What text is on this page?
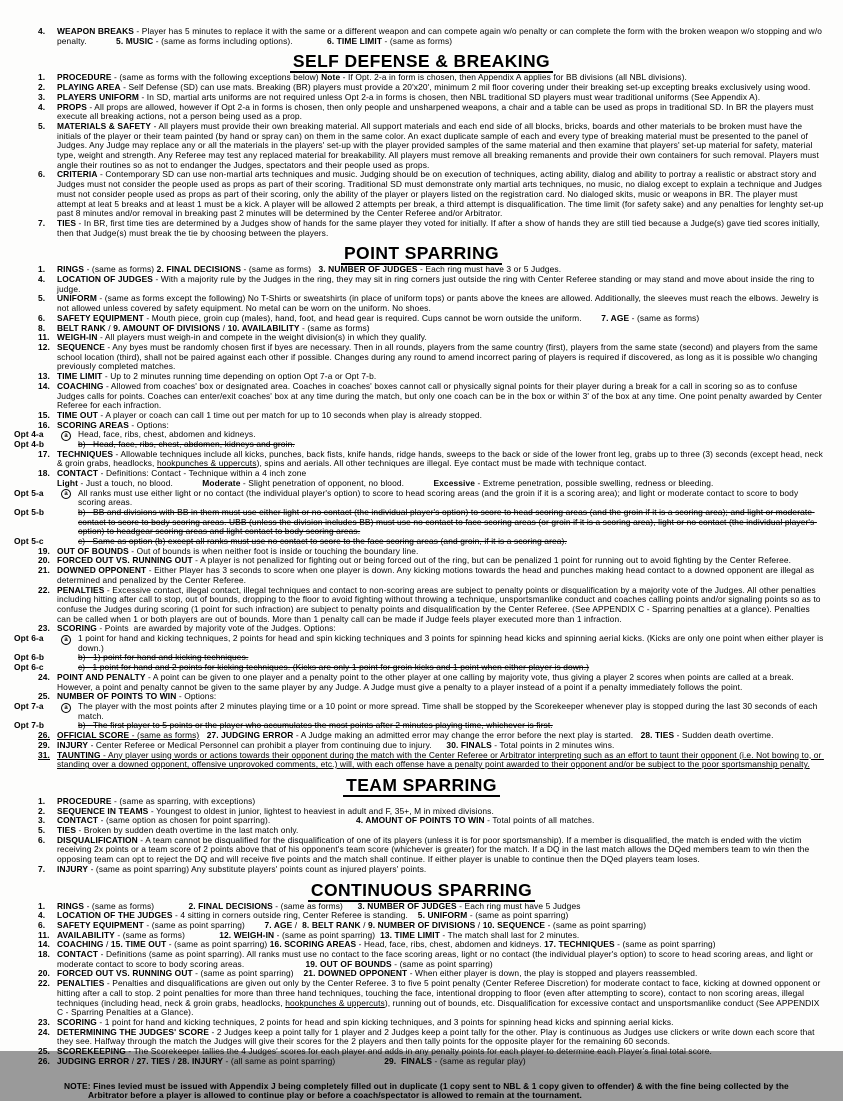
4. WEAPON BREAKS - Player has 5 minutes to replace it with the same or a different weapon and can compete again w/o penalty or can complete the form with the broken weapon w/o stopping and w/o penalty.            5. MUSIC - (same as forms including options).              6. TIME LIMIT - (same as forms)
SELF DEFENSE & BREAKING
1. PROCEDURE - (same as forms with the following exceptions below) Note - If Opt. 2-a in form is chosen, then Appendix A applies for BB divisions (all NBL divisions).
2. PLAYING AREA - Self Defense (SD) can use mats. Breaking (BR) players must provide a 20'x20', minimum 2 mil floor covering under their breaking set-up excepting breaks exclusively using wood.
3. PLAYERS UNIFORM - In SD, martial arts uniforms are not required unless Opt 2-a in forms is chosen, then NBL traditional SD players must wear traditional uniforms (See Appendix A).
4. PROPS - All props are allowed, however if Opt 2-a in forms is chosen, then only people and unsharpened weapons, a chair and a table can be used as props in traditional SD. In BR the players must execute all breaking actions, not a person being used as a prop.
5. MATERIALS & SAFETY - All players must provide their own breaking material. All support materials and each end side of all blocks, bricks, boards and other materials to be broken must have the initials of the player or their team painted (by hand or spray can) on them in the same color. An exact duplicate sample of each and every type of breaking material must be presented to the panel of Judges. Any Judge may replace any or all the materials in the players' set-up with the player provided samples of the same material and then examine that players' set-up material for safety, material type, weight and strength. Any Referee may test any replaced material for breakability. All players must remove all breaking remanents and provide their own containers for such removal. Players must angle their routines so as not to endanger the Judges, spectators and their people used as props.
6. CRITERIA - Contemporary SD can use non-martial arts techniques and music. Judging should be on execution of techniques, acting ability, dialog and ability to portray a realistic or abstract story and Judges must not consider the people used as props as part of their scoring. Traditional SD must demonstrate only martial arts techniques, no music, no dialog except to explain a technique and Judges must not consider people used as props as part of their scoring, only the ability of the player or players listed on the registration card. No dialoged skits, music or weapons in BR. The player must attempt at leat 5 breaks and at least 1 must be a kick. A player will be allowed 2 attempts per break, a third attempt is disqualification. The time limit (for safety sake) and any penalties for lenghty set-up past 8 minutes and/or removal in breaking past 2 minutes will be determined by the Center Referee and/or Arbitrator.
7. TIES - In BR, first time ties are determined by a Judges show of hands for the same player they voted for initially. If after a show of hands they are still tied because a Judge(s) gave tied scores initially, then that Judge(s) must break the tie by choosing between the players.
POINT SPARRING
1. RINGS - (same as forms) 2. FINAL DECISIONS - (same as forms)   3. NUMBER OF JUDGES - Each ring must have 3 or 5 Judges.
4. LOCATION OF JUDGES - With a majority rule by the Judges in the ring, they may sit in ring corners just outside the ring with Center Referee standing or may stand and move about inside the ring to judge.
5. UNIFORM - (same as forms except the following) No T-Shirts or sweatshirts (in place of uniform tops) or pants above the knees are allowed. Additionally, the sleeves must reach the elbows. Jewelry is not allowed unless covered by safety equipment. No metal can be worn on the uniform. No shoes.
6. SAFETY EQUIPMENT - Mouth piece, groin cup (males), hand, foot, and head gear is required. Cups cannot be worn outside the uniform.        7. AGE - (same as forms)
8. BELT RANK / 9. AMOUNT OF DIVISIONS / 10. AVAILABILITY - (same as forms)
11. WEIGH-IN - All players must weigh-in and compete in the weight division(s) in which they qualify.
12. SEQUENCE - Any byes must be randomly chosen first if byes are necessary. Then in all rounds, players from the same country (first), players from the same state (second) and players from the same school location (third), shall not be paired against each other if possible. Changes during any round to amend incorrect paring of players is required if discovered, as long as it is possible w/o changing previously completed matches.
13. TIME LIMIT - Up to 2 minutes running time depending on option Opt 7-a or Opt 7-b.
14. COACHING - Allowed from coaches' box or designated area. Coaches in coaches' boxes cannot call or physically signal points for their player during a break for a call in scoring so as to confuse Judges calls for points. Coaches can enter/exit coaches' box at any time during the match, but only one coach can be in the box or within 3' of the box at any time. One point penalty awarded by Center Referee for each infraction.
15. TIME OUT - A player or coach can call 1 time out per match for up to 10 seconds when play is already stopped.
16. SCORING AREAS - Options:
Opt 4-a	a	Head, face, ribs, chest, abdomen and kidneys.
Opt 4-b	b)   Head, face, ribs, chest, abdomen, kidneys and groin.
17. TECHNIQUES - Allowable techniques include all kicks, punches, back fists, knife hands, ridge hands, sweeps to the back or side of the lower front leg, grabs up to three (3) seconds (except head, neck & groin grabs, headlocks, hookpunches & uppercuts), spins and aerials. All other techniques are illegal. Eye contact must be made with technique contact.
18. CONTACT - Definitions: Contact - Technique within a 4 inch zone
Light - Just a touch, no blood.            Moderate - Slight penetration of opponent, no blood.            Excessive - Extreme penetration, possible swelling, redness or bleeding.
Opt 5-a	a	All ranks must use either light or no contact (the individual player's option) to score to head scoring areas (and the groin if it is a scoring area); and light or moderate contact to score to body scoring areas.
Opt 5-b	b)   BB and divisions with BB in them must use either light or no contact (the individual player's option) to score to head scoring areas (and the groin if it is a scoring area); and light or moderate contact to score to body scoring areas. UBB (unless the division includes BB) must use no contact to face scoring areas (or groin if it is a scoring area), light or no contact (the individual player's option) to headgear scoring areas and light contact to body scoring areas.
Opt 5-c	c)   Same as option (b) except all ranks must use no contact to score to the face scoring areas (and groin, if it is a scoring area).
19. OUT OF BOUNDS - Out of bounds is when neither foot is inside or touching the boundary line.
20. FORCED OUT VS. RUNNING OUT - A player is not penalized for fighting out or being forced out of the ring, but can be penalized 1 point for running out to avoid fighting by the Center Referee.
21. DOWNED OPPONENT - Either Player has 3 seconds to score when one player is down. Any kicking motions towards the head and punches making head contact to a downed opponent are illegal as determined and penalized by the Center Referee.
22. PENALTIES - Excessive contact, illegal contact, illegal techniques and contact to non-scoring areas are subject to penalty points or disqualification by a majority vote of the Judges. All other penalties including hitting after call to stop, out of bounds, dropping to the floor to avoid fighting without throwing a technique, unsportsmanlike conduct and coaches calling points and/or signaling points so as to confuse the Judges during scoring (1 point for such infraction) are subject to penalty points and disqualification by the Center Referee. (See APPENDIX C - Sparring penalties at a glance). Penalties can be called when 1 or both players are out of bounds. More than 1 penalty call can be made if Judge feels player executed more than 1 infraction.
23. SCORING - Points  are awarded by majority vote of the Judges. Options:
Opt 6-a	a	1 point for hand and kicking techniques, 2 points for head and spin kicking techniques and 3 points for spinning head kicks and spinning aerial kicks. (Kicks are only one point when either player is down.)
Opt 6-b	b)   1) point for hand and kicking techniques.
Opt 6-c	c)   1 point for hand and 2 points for kicking techniques. (Kicks are only 1 point for groin kicks and 1 point when either player is down.)
24. POINT AND PENALTY - A point can be given to one player and a penalty point to the other player at one calling by majority vote, thus giving a player 2 scores when points are called at a break. However, a point and penalty cannot be given to the same player by any Judge. A Judge must give a penalty to a player instead of a point if a penalty immediately follows the point.
25. NUMBER OF POINTS TO WIN - Options:
Opt 7-a	a	The player with the most points after 2 minutes playing time or a 10 point or more spread. Time shall be stopped by the Scorekeeper whenever play is stopped during the last 30 seconds of each match.
Opt 7-b	b)   The first player to 5 points or the player who accumulates the most points after 2 minutes playing time, whichever is first.
26. OFFICIAL SCORE - (same as forms) 27. JUDGING ERROR - A Judge making an admitted error may change the error before the next play is started.   28. TIES - Sudden death overtime.
29. INJURY - Center Referee or Medical Personnel can prohibit a player from continuing due to injury.      30. FINALS - Total points in 2 minutes wins.
31. TAUNTING - Any player using words or actions towards their opponent during the match with the Center Referee or Arbitrator interpreting such as an effort to taunt their opponent (i.e. Not bowing to, or standing over a downed opponent, offensive unprovoked comments, etc.) will, with each offense have a penalty point awarded to their opponent and/or be subject to the poor sportsmanship penalty.
TEAM SPARRING
1. PROCEDURE - (same as sparring, with exceptions)
2. SEQUENCE IN TEAMS - Youngest to oldest in junior, lightest to heaviest in adult and F, 35+, M in mixed divisions.
3. CONTACT - (same option as chosen for point sparring).                                   4. AMOUNT OF POINTS TO WIN - Total points of all matches.
5. TIES - Broken by sudden death overtime in the last match only.
6. DISQUALIFICATION - A team cannot be disqualified for the disqualification of one of its players (unless it is for poor sportsmanship). If a member is disqualified, the match is ended with the victim receiving 2x points or a team score of 2 points above that of his opponent's team score (whichever is greater) for the match. If a DQ in the last match allows the DQed members team to win then the opposing team can opt to reject the DQ and will receive five points and the match shall continue. If either player is unable to continue then the DQed players team loses.
7. INJURY - (same as point sparring) Any substitute players' points count as injured players' points.
CONTINUOUS SPARRING
1. RINGS - (same as forms)              2. FINAL DECISIONS - (same as forms)      3. NUMBER OF JUDGES - Each ring must have 5 Judges
4. LOCATION OF THE JUDGES - 4 sitting in corners outside ring, Center Referee is standing.    5. UNIFORM - (same as point sparring)
6. SAFETY EQUIPMENT - (same as point sparring)        7. AGE /  8. BELT RANK / 9. NUMBER OF DIVISIONS / 10. SEQUENCE - (same as point sparring)
11. AVAILABILITY - (same as forms)              12. WEIGH-IN - (same as point sparring)  13. TIME LIMIT - The match shall last for 2 minutes.
14. COACHING / 15. TIME OUT - (same as point sparring) 16. SCORING AREAS - Head, face, ribs, chest, abdomen and kidneys. 17. TECHNIQUES - (same as point sparring)
18. CONTACT - Definitions (same as point sparring). All ranks must use no contact to the face scoring areas, light or no contact (the individual player's option) to score to head scoring areas, and light or moderate contact to score to body scoring areas.                         19. OUT OF BOUNDS - (same as point sparring)
20. FORCED OUT VS. RUNNING OUT - (same as point sparring)    21. DOWNED OPPONENT - When either player is down, the play is stopped and players reassembled.
22. PENALTIES - Penalties and disqualifications are given out only by the Center Referee. 3 to five 5 point penalty (Center Referee Discretion) for moderate contact to face, kicking at downed opponent or hitting after a call to stop. 2 point penalties for more than three hand techniques, touching the face, intentional dropping to floor (even after attempting to score), contact to non scoring areas, illegal techniques (including head, neck & groin grabs, headlocks, hookpunches & uppercuts), running out of bounds, etc. Disqualification for excessive contact and unsportsmanlike conduct (See APPENDIX C - Sparring Penalties at a Glance).
23. SCORING - 1 point for hand and kicking techniques, 2 points for head and spin kicking techniques, and 3 points for spinning head kicks and spinning aerial kicks.
24. DETERMINING THE JUDGES' SCORE - 2 Judges keep a point tally for 1 player and 2 Judges keep a point tally for the other. Play is continuous as Judges use clickers or write down each score that they see. Halfway through the match the Judges will give their scores for the 2 players and then tally points for the opposite player for the remaining 60 seconds.
25. SCOREKEEPING - The Scorekeeper tallies the 4 Judges' scores for each player and adds in any penalty points for each player to determine each Player's final total score.
26. JUDGING ERROR / 27. TIES / 28. INJURY - (all same as point sparring)                    29.  FINALS - (same as regular play)
NOTE: Fines levied must be issued with Appendix J being completely filled out in duplicate (1 copy sent to NBL & 1 copy given to offender) & with the fine being collected by the
Arbitrator before a player is allowed to continue play or before a coach/spectator is allowed to remain at the tournament.
